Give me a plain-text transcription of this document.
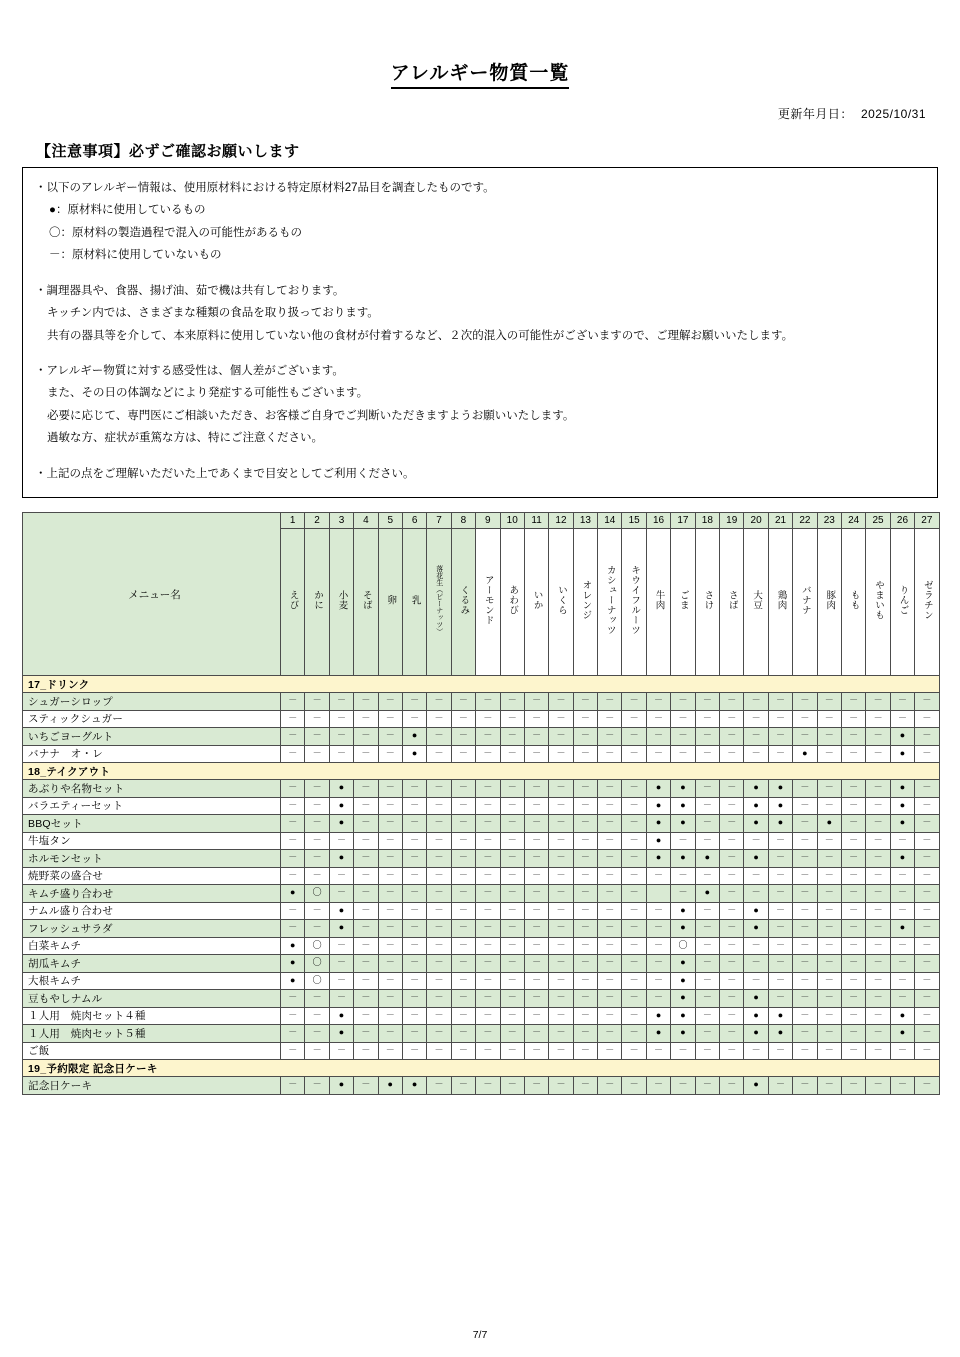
アレルギー物質一覧
更新年月日： 2025/10/31
【注意事項】必ずご確認お願いします
・以下のアレルギー情報は、使用原材料における特定原材料27品目を調査したものです。
●：原材料に使用しているもの
〇：原材料の製造過程で混入の可能性があるもの
－：原材料に使用していないもの
・調理器具や、食器、揚げ油、茹で機は共有しております。
キッチン内では、さまざまな種類の食品を取り扱っております。
共有の器具等を介して、本来原料に使用していない他の食材が付着するなど、２次的混入の可能性がございますので、ご理解お願いいたします。
・アレルギー物質に対する感受性は、個人差がございます。
また、その日の体調などにより発症する可能性もございます。
必要に応じて、専門医にご相談いただき、お客様ご自身でご判断いただきますようお願いいたします。
過敏な方、症状が重篤な方は、特にご注意ください。
・上記の点をご理解いただいた上であくまで目安としてご利用ください。
メニュー名	1	2	3	4	5	6	7	8	9	10	11	12	13	14	15	16	17	18	19	20	21	22	23	24	25	26	27
	えび	かに	小麦	そば	卵	乳	落花生（ピーナッツ）	くるみ	アーモンド	あわび	いか	いくら	オレンジ	カシューナッツ	キウイフルーツ	牛肉	ごま	さけ	さば	大豆	鶏肉	バナナ	豚肉	もも	やまいも	りんご	ゼラチン
17_ドリンク																											
シュガーシロップ	－	－	－	－	－	－	－	－	－	－	－	－	－	－	－	－	－	－	－	－	－	－	－	－	－	－	－
スティックシュガー	－	－	－	－	－	－	－	－	－	－	－	－	－	－	－	－	－	－	－	－	－	－	－	－	－	－	－
いちごヨーグルト	－	－	－	－	－	●	－	－	－	－	－	－	－	－	－	－	－	－	－	－	－	－	－	－	－	●	－
バナナ　オ・レ	－	－	－	－	－	●	－	－	－	－	－	－	－	－	－	－	－	－	－	－	－	●	－	－	－	●	－
18_テイクアウト																											
あぶりや名物セット	－	－	●	－	－	－	－	－	－	－	－	－	－	－	－	●	●	－	－	●	●	－	－	－	－	●	－
バラエティーセット	－	－	●	－	－	－	－	－	－	－	－	－	－	－	－	●	●	－	－	●	●	－	－	－	－	●	－
BBQセット	－	－	●	－	－	－	－	－	－	－	－	－	－	－	－	●	●	－	－	●	●	－	●	－	－	●	－
牛塩タン	－	－	－	－	－	－	－	－	－	－	－	－	－	－	－	●	－	－	－	－	－	－	－	－	－	－	－
ホルモンセット	－	－	●	－	－	－	－	－	－	－	－	－	－	－	－	●	●	●	－	●	－	－	－	－	－	●	－
焼野菜の盛合せ	－	－	－	－	－	－	－	－	－	－	－	－	－	－	－	－	－	－	－	－	－	－	－	－	－	－	－
キムチ盛り合わせ	●	〇	－	－	－	－	－	－	－	－	－	－	－	－	－		－	●	－	－	－	－	－	－	－	－	－
ナムル盛り合わせ	－	－	●	－	－	－	－	－	－	－	－	－	－	－	－	－	●	－	－	●	－	－	－	－	－	－	－
フレッシュサラダ	－	－	●	－	－	－	－	－	－	－	－	－	－	－	－	－	●	－	－	●	－	－	－	－	－	●	－
白菜キムチ	●	〇	－	－	－	－	－	－	－	－	－	－	－	－	－	－	〇	－	－	－	－	－	－	－	－	－	－
胡瓜キムチ	●	〇	－	－	－	－	－	－	－	－	－	－	－	－	－	－	●	－	－	－	－	－	－	－	－	－	－
大根キムチ	●	〇	－	－	－	－	－	－	－	－	－	－	－	－	－	－	●	－	－	－	－	－	－	－	－	－	－
豆もやしナムル	－	－	－	－	－	－	－	－	－	－	－	－	－	－	－	－	●	－	－	●	－	－	－	－	－	－	－
１人用　焼肉セット４種	－	－	●	－	－	－	－	－	－	－	－	－	－	－	－	●	●	－	－	●	●	－	－	－	－	●	－
１人用　焼肉セット５種	－	－	●	－	－	－	－	－	－	－	－	－	－	－	－	●	●	－	－	●	●	－	－	－	－	●	－
ご飯	－	－	－	－	－	－	－	－	－	－	－	－	－	－	－	－	－	－	－	－	－	－	－	－	－	－	－
19_予約限定 記念日ケーキ																											
記念日ケーキ	－	－	●	－	●	●	－	－	－	－	－	－	－	－	－	－	－	－	－	●	－	－	－	－	－	－	－
7/7
